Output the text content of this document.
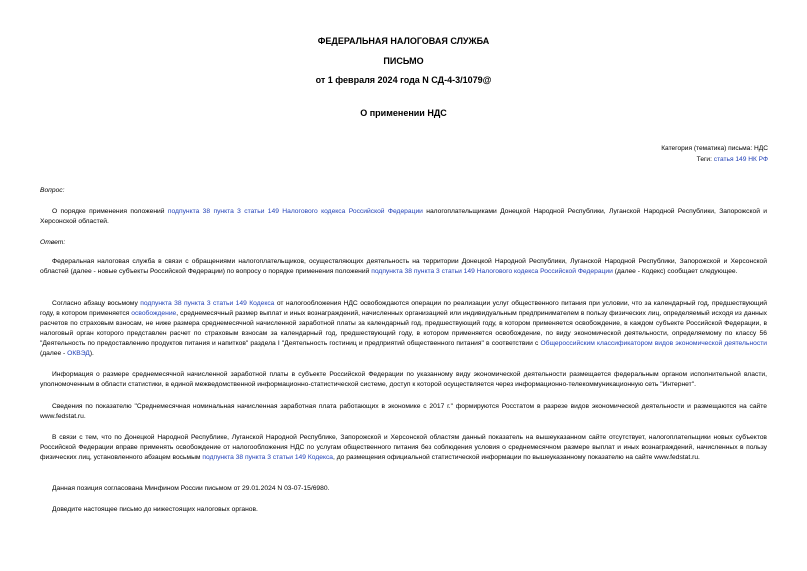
ФЕДЕРАЛЬНАЯ НАЛОГОВАЯ СЛУЖБА
ПИСЬМО
от 1 февраля 2024 года N СД-4-3/1079@
О применении НДС
Категория (тематика) письма: НДС
Теги: статья 149 НК РФ
Вопрос:
О порядке применения положений подпункта 38 пункта 3 статьи 149 Налогового кодекса Российской Федерации налогоплательщиками Донецкой Народной Республики, Луганской Народной Республики, Запорожской и Херсонской областей.
Ответ:
Федеральная налоговая служба в связи с обращениями налогоплательщиков, осуществляющих деятельность на территории Донецкой Народной Республики, Луганской Народной Республики, Запорожской и Херсонской областей (далее - новые субъекты Российской Федерации) по вопросу о порядке применения положений подпункта 38 пункта 3 статьи 149 Налогового кодекса Российской Федерации (далее - Кодекс) сообщает следующее.
Согласно абзацу восьмому подпункта 38 пункта 3 статьи 149 Кодекса от налогообложения НДС освобождаются операции по реализации услуг общественного питания при условии, что за календарный год, предшествующий году, в котором применяется освобождение, среднемесячный размер выплат и иных вознаграждений, начисленных организацией или индивидуальным предпринимателем в пользу физических лиц, определяемый исходя из данных расчетов по страховым взносам, не ниже размера среднемесячной начисленной заработной платы за календарный год, предшествующий году, в котором применяется освобождение, в каждом субъекте Российской Федерации, в налоговый орган которого представлен расчет по страховым взносам за календарный год, предшествующий году, в котором применяется освобождение, по виду экономической деятельности, определяемому по классу 56 "Деятельность по предоставлению продуктов питания и напитков" раздела I "Деятельность гостиниц и предприятий общественного питания" в соответствии с Общероссийским классификатором видов экономической деятельности (далее - ОКВЭД).
Информация о размере среднемесячной начисленной заработной платы в субъекте Российской Федерации по указанному виду экономической деятельности размещается федеральным органом исполнительной власти, уполномоченным в области статистики, в единой межведомственной информационно-статистической системе, доступ к которой осуществляется через информационно-телекоммуникационную сеть "Интернет".
Сведения по показателю "Среднемесячная номинальная начисленная заработная плата работающих в экономике с 2017 г." формируются Росстатом в разрезе видов экономической деятельности и размещаются на сайте www.fedstat.ru.
В связи с тем, что по Донецкой Народной Республике, Луганской Народной Республике, Запорожской и Херсонской областям данный показатель на вышеуказанном сайте отсутствует, налогоплательщики новых субъектов Российской Федерации вправе применять освобождение от налогообложения НДС по услугам общественного питания без соблюдения условия о среднемесячном размере выплат и иных вознаграждений, начисленных в пользу физических лиц, установленного абзацем восьмым подпункта 38 пункта 3 статьи 149 Кодекса, до размещения официальной статистической информации по вышеуказанному показателю на сайте www.fedstat.ru.
Данная позиция согласована Минфином России письмом от 29.01.2024 N 03-07-15/6980.
Доведите настоящее письмо до нижестоящих налоговых органов.
